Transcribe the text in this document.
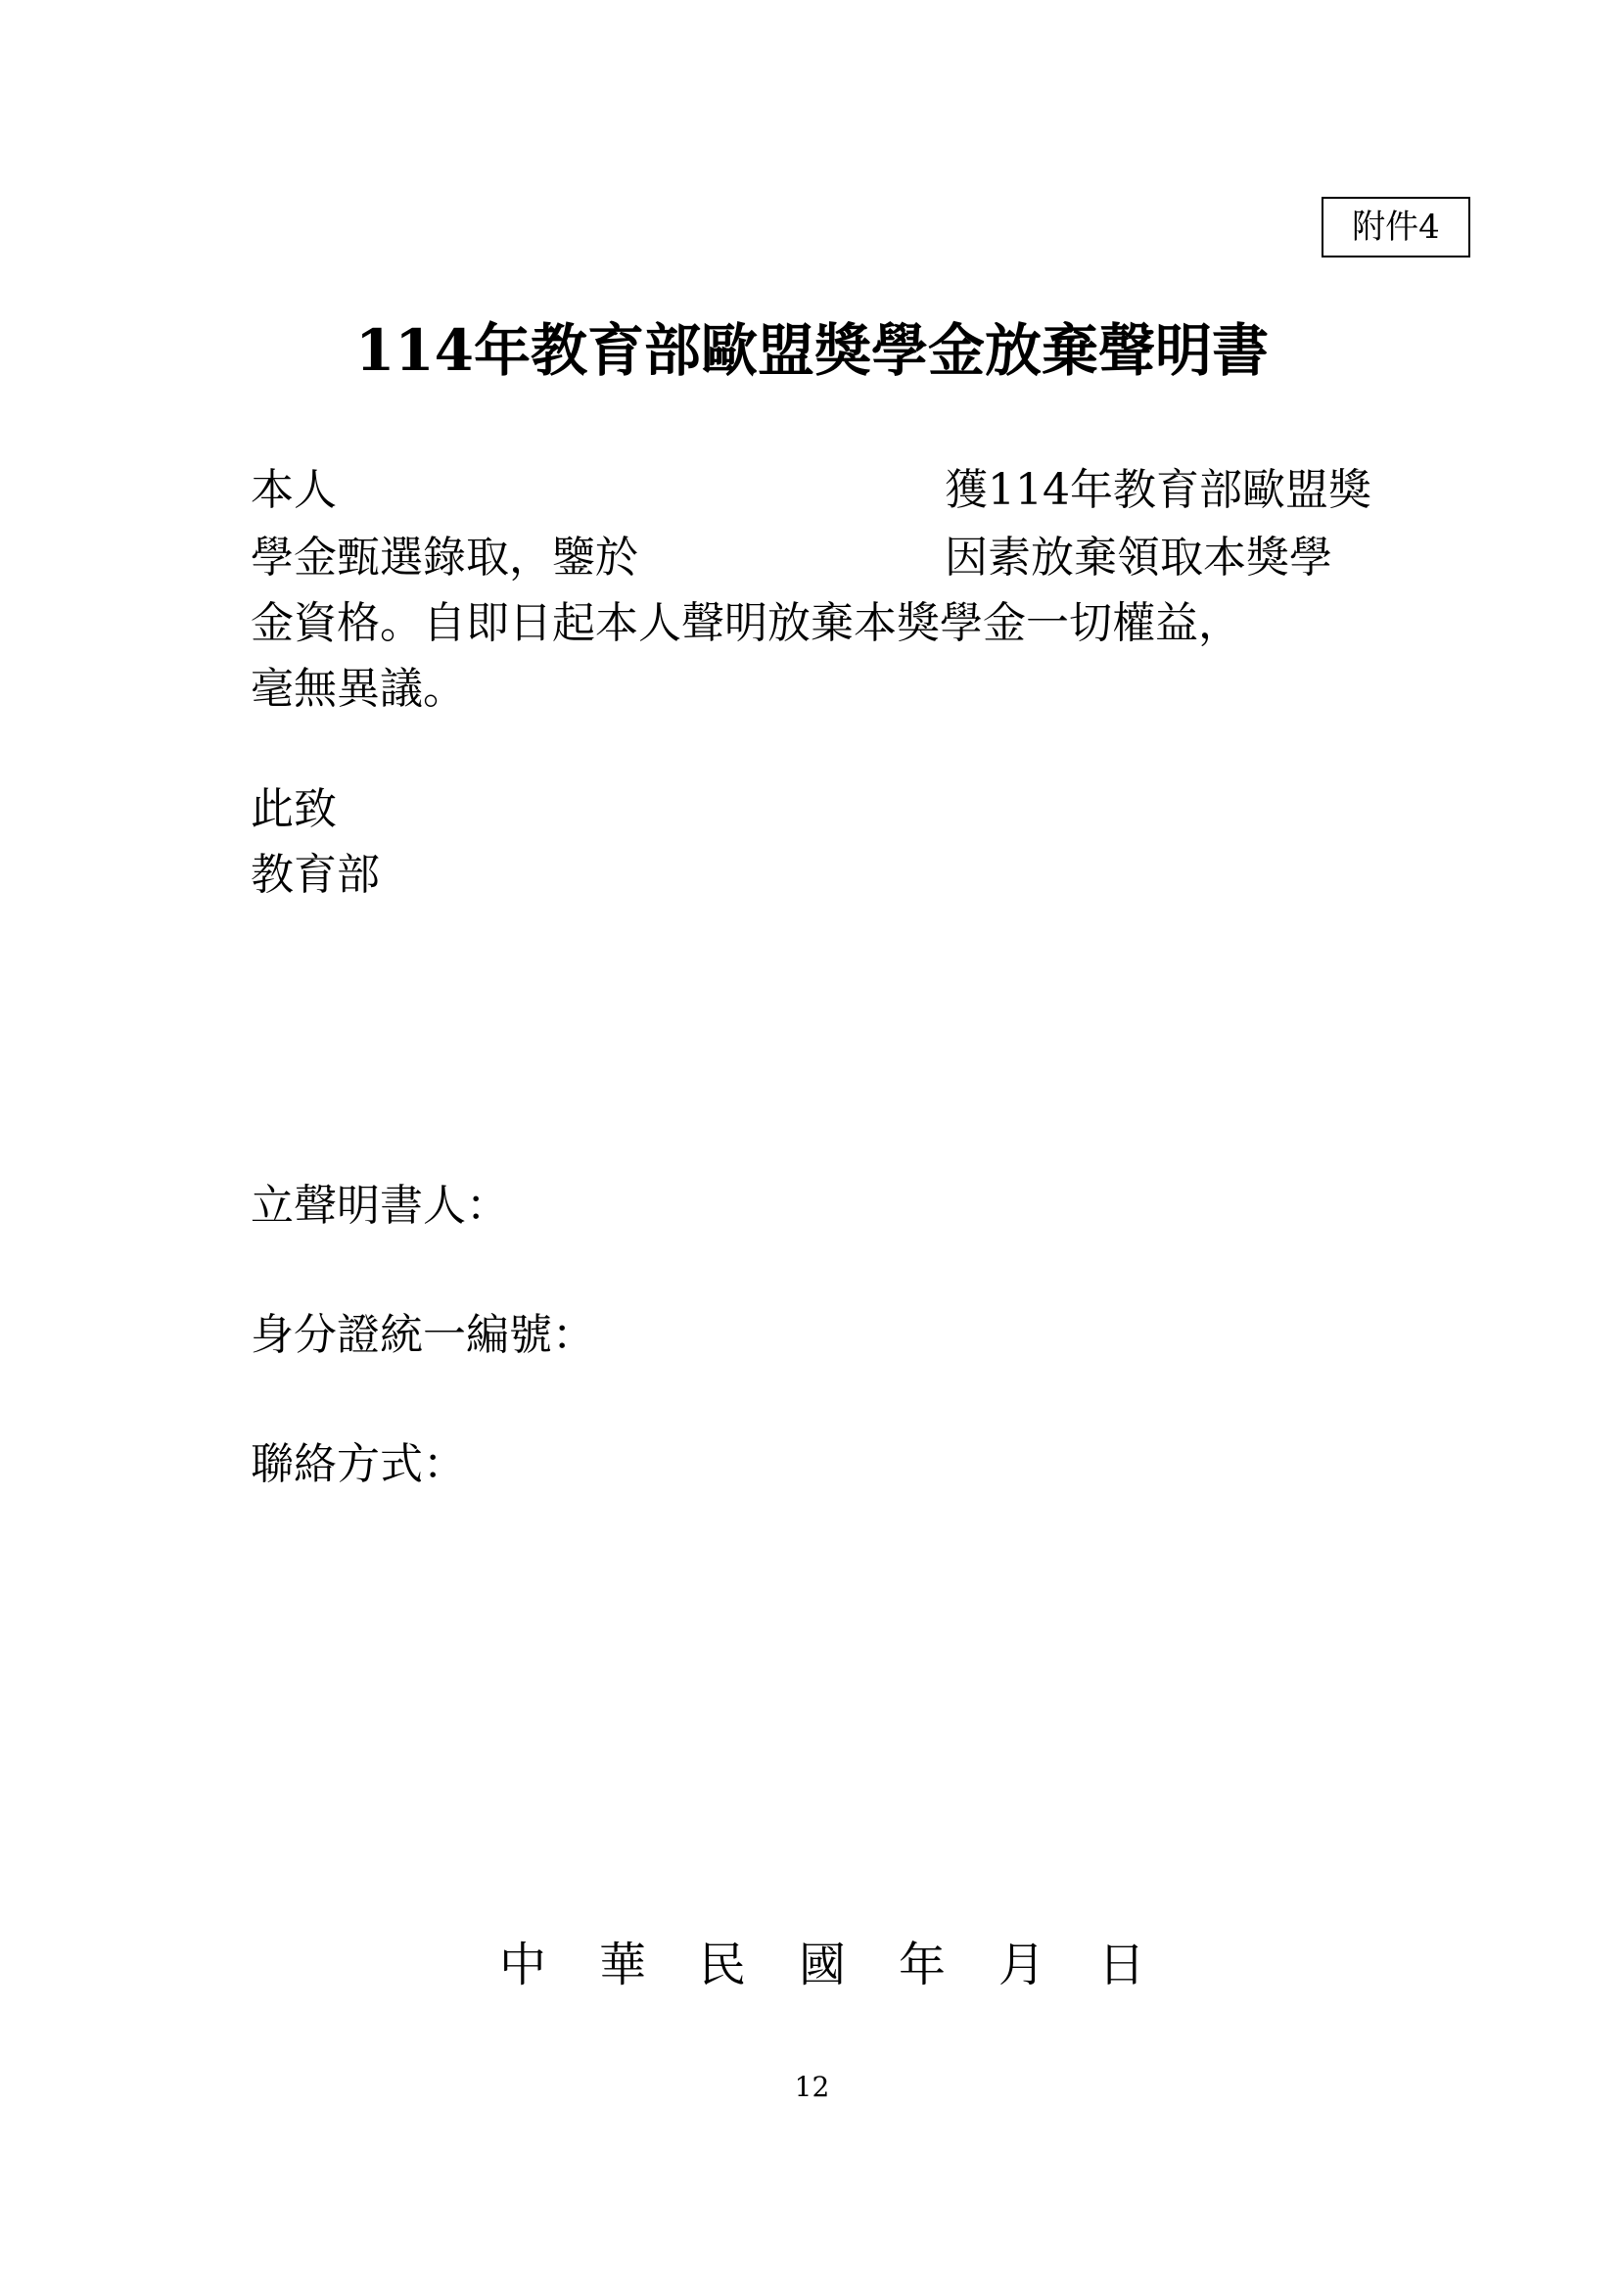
附件4
114年教育部歐盟獎學金放棄聲明書
本人	獲114年教育部歐盟獎
學金甄選錄取，鑒於	因素放棄領取本獎學
金資格。自即日起本人聲明放棄本獎學金一切權益，
毫無異議。
此致
教育部
立聲明書人：
身分證統一編號：
聯絡方式：
中 華 民 國 年 月 日
12
